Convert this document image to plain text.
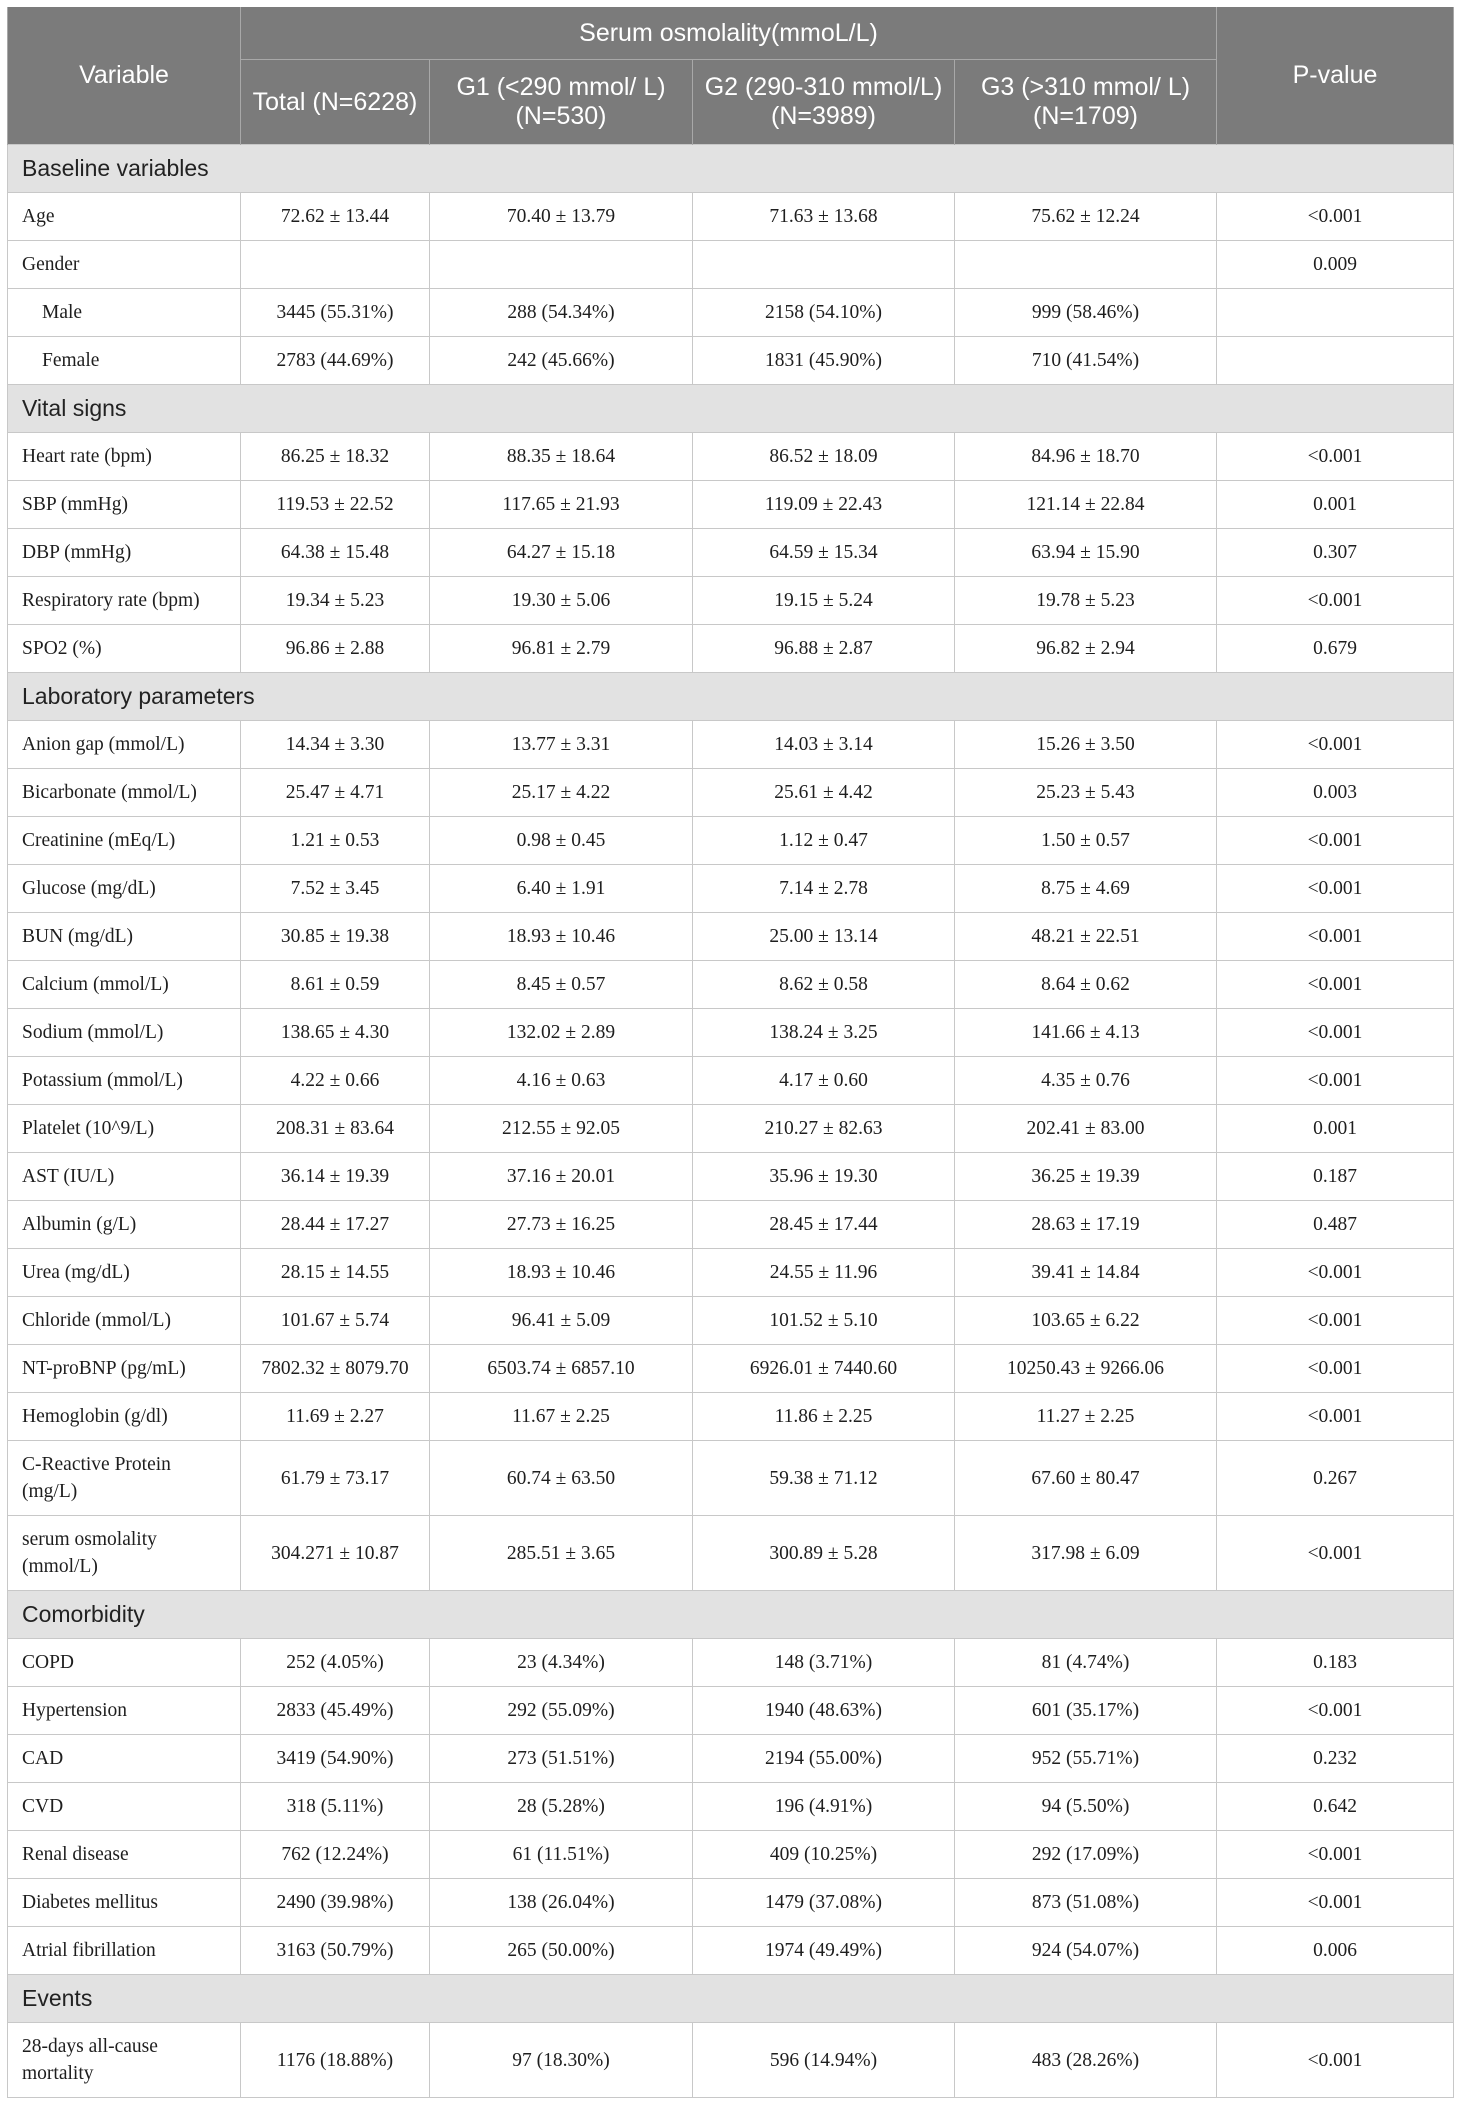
Variable	Serum osmolality(mmoL/L)				P-value
	Total (N=6228)	G1 (<290 mmol/ L) (N=530)	G2 (290-310 mmol/L) (N=3989)	G3 (>310 mmol/ L) (N=1709)	
Baseline variables					
Age	72.62 ± 13.44	70.40 ± 13.79	71.63 ± 13.68	75.62 ± 12.24	<0.001
Gender					0.009
Male	3445 (55.31%)	288 (54.34%)	2158 (54.10%)	999 (58.46%)	
Female	2783 (44.69%)	242 (45.66%)	1831 (45.90%)	710 (41.54%)	
Vital signs					
Heart rate (bpm)	86.25 ± 18.32	88.35 ± 18.64	86.52 ± 18.09	84.96 ± 18.70	<0.001
SBP (mmHg)	119.53 ± 22.52	117.65 ± 21.93	119.09 ± 22.43	121.14 ± 22.84	0.001
DBP (mmHg)	64.38 ± 15.48	64.27 ± 15.18	64.59 ± 15.34	63.94 ± 15.90	0.307
Respiratory rate (bpm)	19.34 ± 5.23	19.30 ± 5.06	19.15 ± 5.24	19.78 ± 5.23	<0.001
SPO2 (%)	96.86 ± 2.88	96.81 ± 2.79	96.88 ± 2.87	96.82 ± 2.94	0.679
Laboratory parameters					
Anion gap (mmol/L)	14.34 ± 3.30	13.77 ± 3.31	14.03 ± 3.14	15.26 ± 3.50	<0.001
Bicarbonate (mmol/L)	25.47 ± 4.71	25.17 ± 4.22	25.61 ± 4.42	25.23 ± 5.43	0.003
Creatinine (mEq/L)	1.21 ± 0.53	0.98 ± 0.45	1.12 ± 0.47	1.50 ± 0.57	<0.001
Glucose (mg/dL)	7.52 ± 3.45	6.40 ± 1.91	7.14 ± 2.78	8.75 ± 4.69	<0.001
BUN (mg/dL)	30.85 ± 19.38	18.93 ± 10.46	25.00 ± 13.14	48.21 ± 22.51	<0.001
Calcium (mmol/L)	8.61 ± 0.59	8.45 ± 0.57	8.62 ± 0.58	8.64 ± 0.62	<0.001
Sodium (mmol/L)	138.65 ± 4.30	132.02 ± 2.89	138.24 ± 3.25	141.66 ± 4.13	<0.001
Potassium (mmol/L)	4.22 ± 0.66	4.16 ± 0.63	4.17 ± 0.60	4.35 ± 0.76	<0.001
Platelet (10^9/L)	208.31 ± 83.64	212.55 ± 92.05	210.27 ± 82.63	202.41 ± 83.00	0.001
AST (IU/L)	36.14 ± 19.39	37.16 ± 20.01	35.96 ± 19.30	36.25 ± 19.39	0.187
Albumin (g/L)	28.44 ± 17.27	27.73 ± 16.25	28.45 ± 17.44	28.63 ± 17.19	0.487
Urea (mg/dL)	28.15 ± 14.55	18.93 ± 10.46	24.55 ± 11.96	39.41 ± 14.84	<0.001
Chloride (mmol/L)	101.67 ± 5.74	96.41 ± 5.09	101.52 ± 5.10	103.65 ± 6.22	<0.001
NT-proBNP (pg/mL)	7802.32 ± 8079.70	6503.74 ± 6857.10	6926.01 ± 7440.60	10250.43 ± 9266.06	<0.001
Hemoglobin (g/dl)	11.69 ± 2.27	11.67 ± 2.25	11.86 ± 2.25	11.27 ± 2.25	<0.001
C-Reactive Protein (mg/L)	61.79 ± 73.17	60.74 ± 63.50	59.38 ± 71.12	67.60 ± 80.47	0.267
serum osmolality (mmol/L)	304.271 ± 10.87	285.51 ± 3.65	300.89 ± 5.28	317.98 ± 6.09	<0.001
Comorbidity					
COPD	252 (4.05%)	23 (4.34%)	148 (3.71%)	81 (4.74%)	0.183
Hypertension	2833 (45.49%)	292 (55.09%)	1940 (48.63%)	601 (35.17%)	<0.001
CAD	3419 (54.90%)	273 (51.51%)	2194 (55.00%)	952 (55.71%)	0.232
CVD	318 (5.11%)	28 (5.28%)	196 (4.91%)	94 (5.50%)	0.642
Renal disease	762 (12.24%)	61 (11.51%)	409 (10.25%)	292 (17.09%)	<0.001
Diabetes mellitus	2490 (39.98%)	138 (26.04%)	1479 (37.08%)	873 (51.08%)	<0.001
Atrial fibrillation	3163 (50.79%)	265 (50.00%)	1974 (49.49%)	924 (54.07%)	0.006
Events					
28-days all-cause mortality	1176 (18.88%)	97 (18.30%)	596 (14.94%)	483 (28.26%)	<0.001
